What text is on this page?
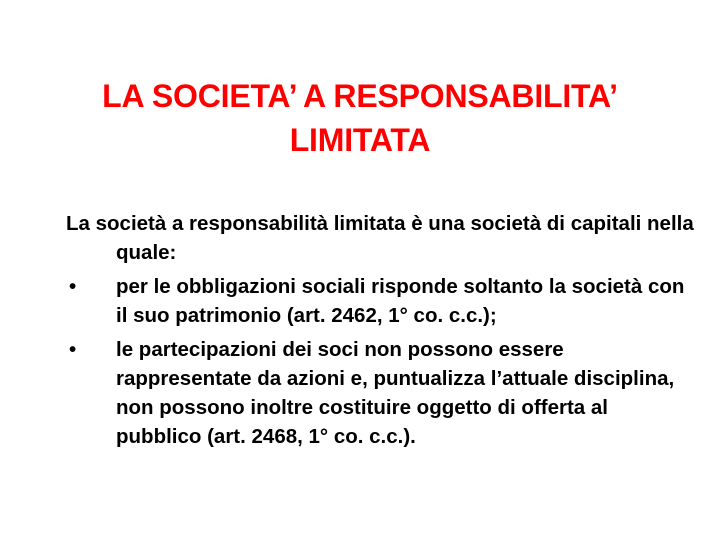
LA SOCIETA’ A RESPONSABILITA’
LIMITATA

La società a responsabilità limitata è una società di capitali nella quale:

• per le obbligazioni sociali risponde soltanto la società con il suo patrimonio (art. 2462, 1° co. c.c.);
• le partecipazioni dei soci non possono essere rappresentate da azioni e, puntualizza l’attuale disciplina, non possono inoltre costituire oggetto di offerta al pubblico (art. 2468, 1° co. c.c.).
